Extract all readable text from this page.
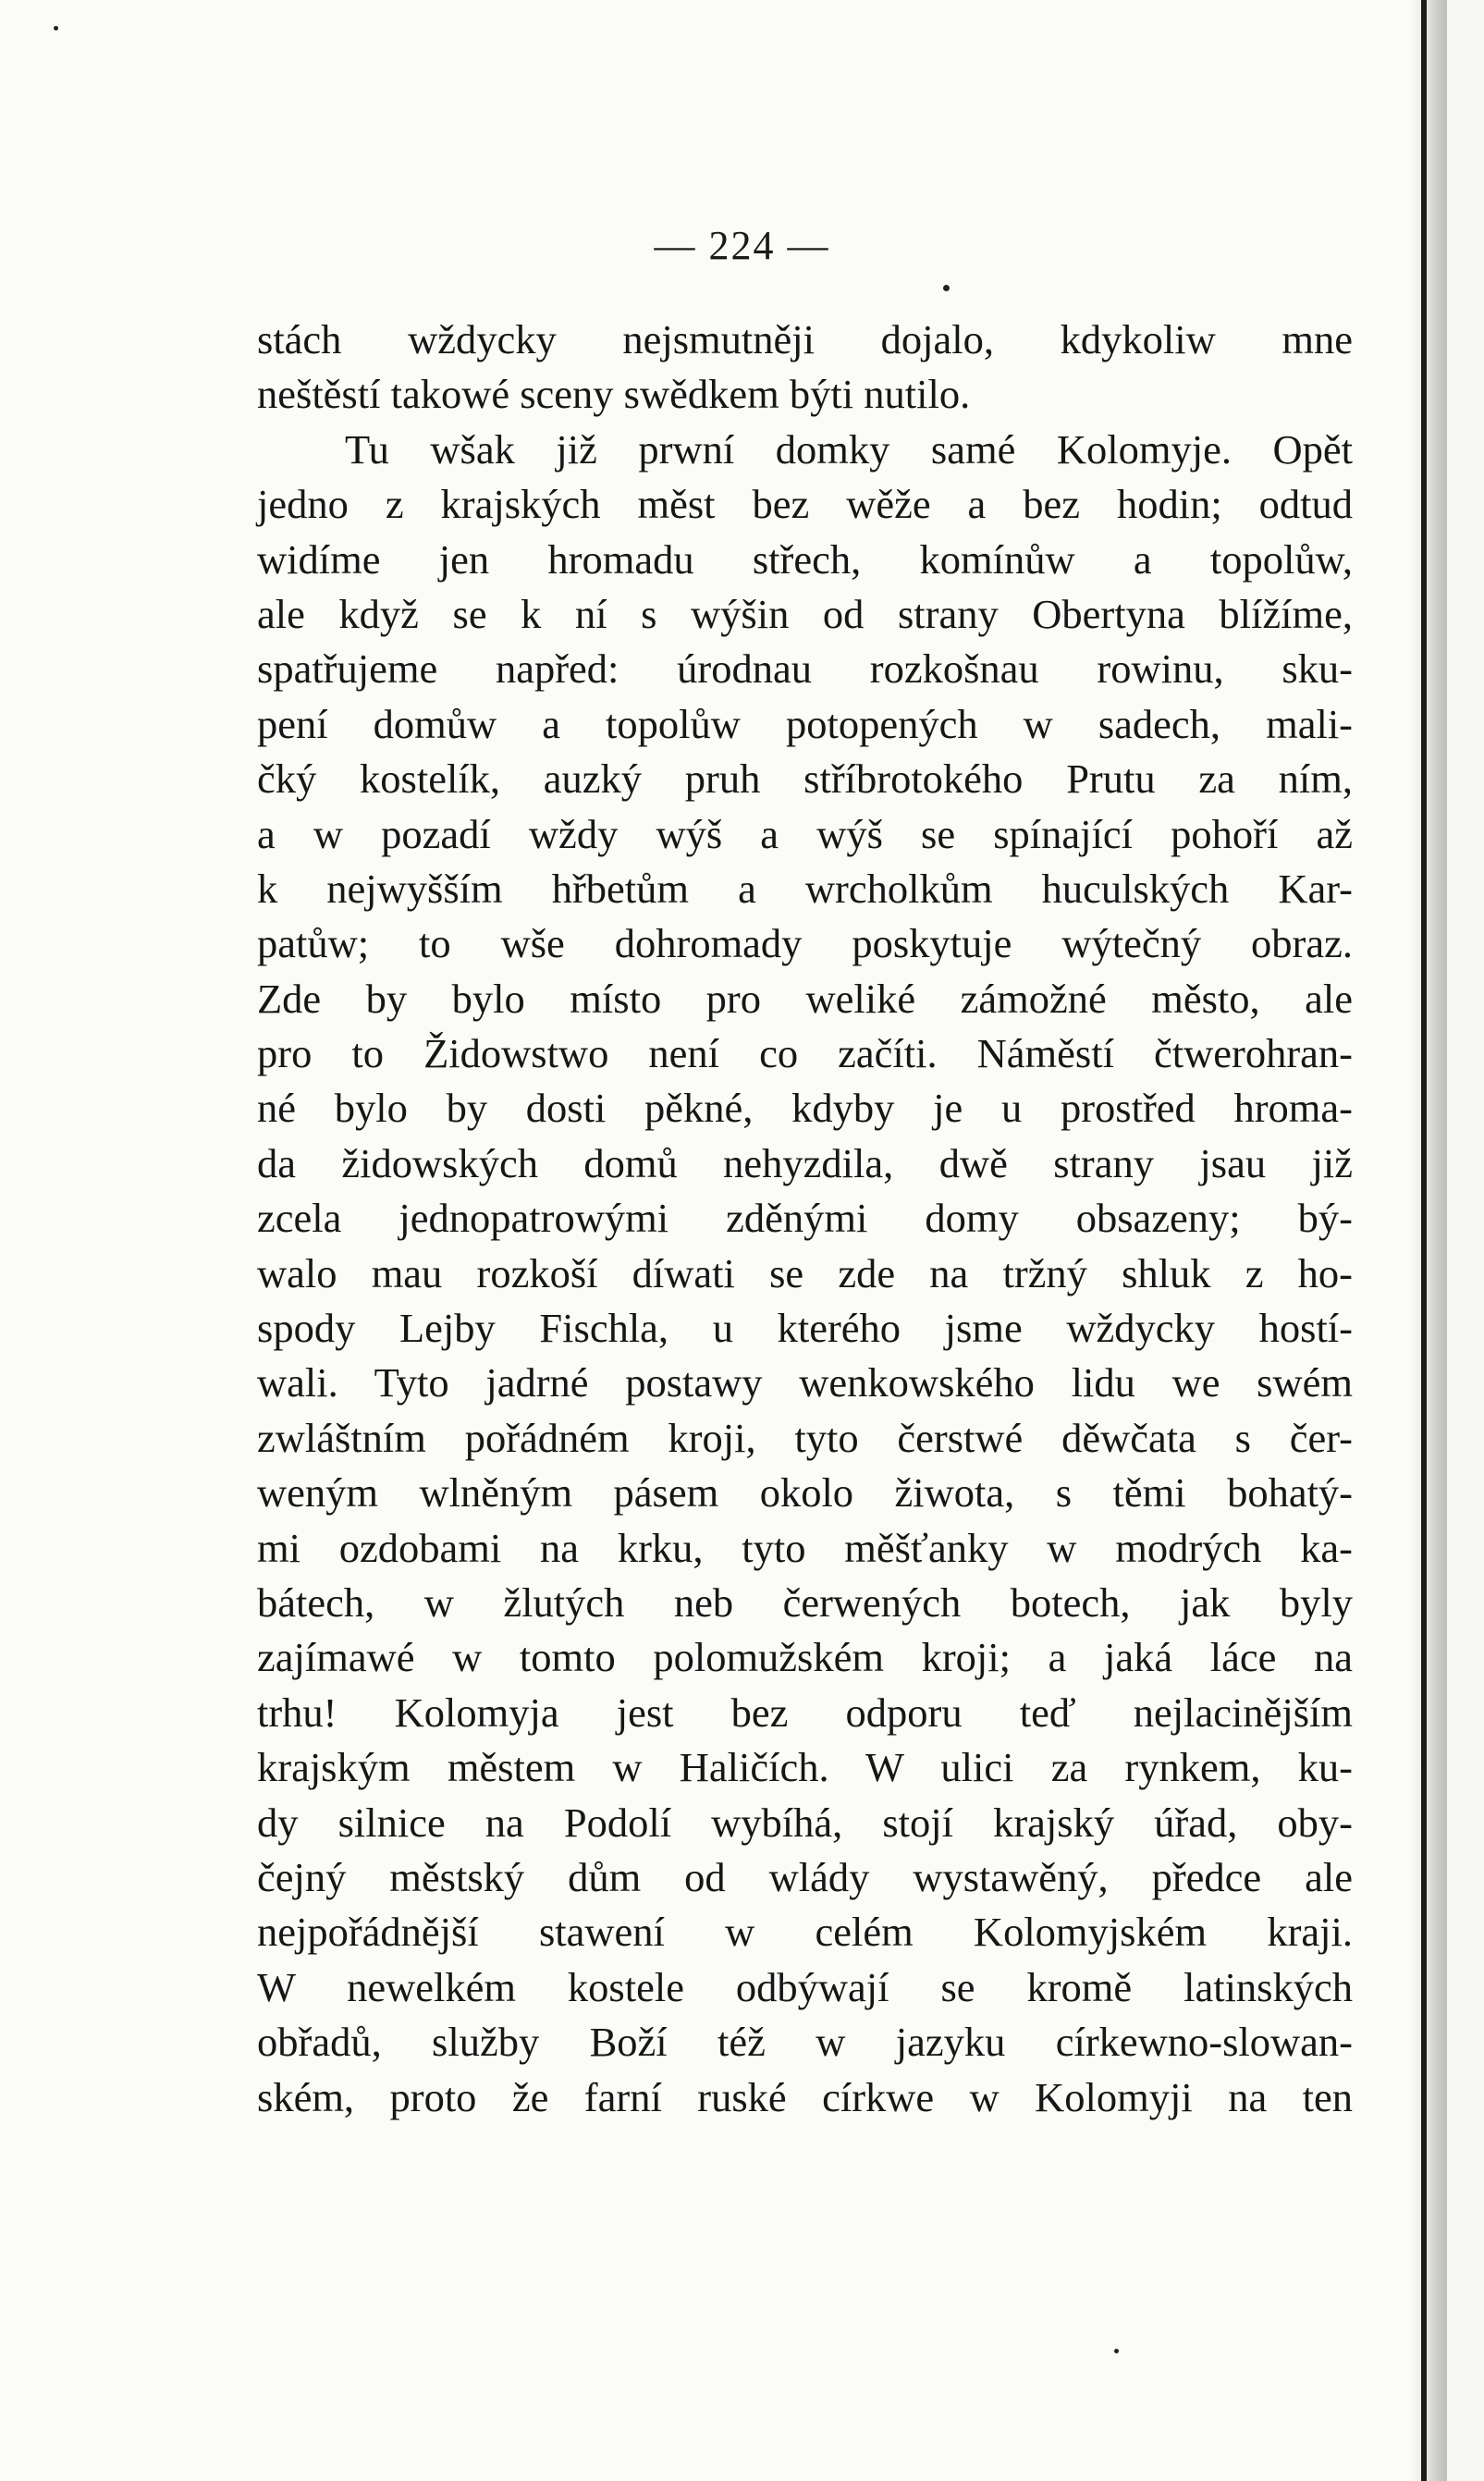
— 224 —
stách wždycky nejsmutněji dojalo, kdykoliw mne
neštěstí takowé sceny swědkem býti nutilo.
Tu wšak již prwní domky samé Kolomyje. Opět
jedno z krajských měst bez wěže a bez hodin; odtud
widíme jen hromadu střech, komínůw a topolůw,
ale když se k ní s wýšin od strany Obertyna blížíme,
spatřujeme napřed: úrodnau rozkošnau rowinu, sku-
pení domůw a topolůw potopených w sadech, mali-
čký kostelík, auzký pruh stříbrotokého Prutu za ním,
a w pozadí wždy wýš a wýš se spínající pohoří až
k nejwyšším hřbetům a wrcholkům huculských Kar-
patůw; to wše dohromady poskytuje wýtečný obraz.
Zde by bylo místo pro weliké zámožné město, ale
pro to Židowstwo není co začíti. Náměstí čtwerohran-
né bylo by dosti pěkné, kdyby je u prostřed hroma-
da židowských domů nehyzdila, dwě strany jsau již
zcela jednopatrowými zděnými domy obsazeny; bý-
walo mau rozkoší díwati se zde na tržný shluk z ho-
spody Lejby Fischla, u kterého jsme wždycky hostí-
wali. Tyto jadrné postawy wenkowského lidu we swém
zwláštním pořádném kroji, tyto čerstwé děwčata s čer-
weným wlněným pásem okolo žiwota, s těmi bohatý-
mi ozdobami na krku, tyto měšťanky w modrých ka-
bátech, w žlutých neb čerwených botech, jak byly
zajímawé w tomto polomužském kroji; a jaká láce na
trhu! Kolomyja jest bez odporu teď nejlacinějším
krajským městem w Haličích. W ulici za rynkem, ku-
dy silnice na Podolí wybíhá, stojí krajský úřad, oby-
čejný městský dům od wlády wystawěný, předce ale
nejpořádnější stawení w celém Kolomyjském kraji.
W newelkém kostele odbýwají se kromě latinských
obřadů, služby Boží též w jazyku církewno-slowan-
ském, proto že farní ruské církwe w Kolomyji na ten
